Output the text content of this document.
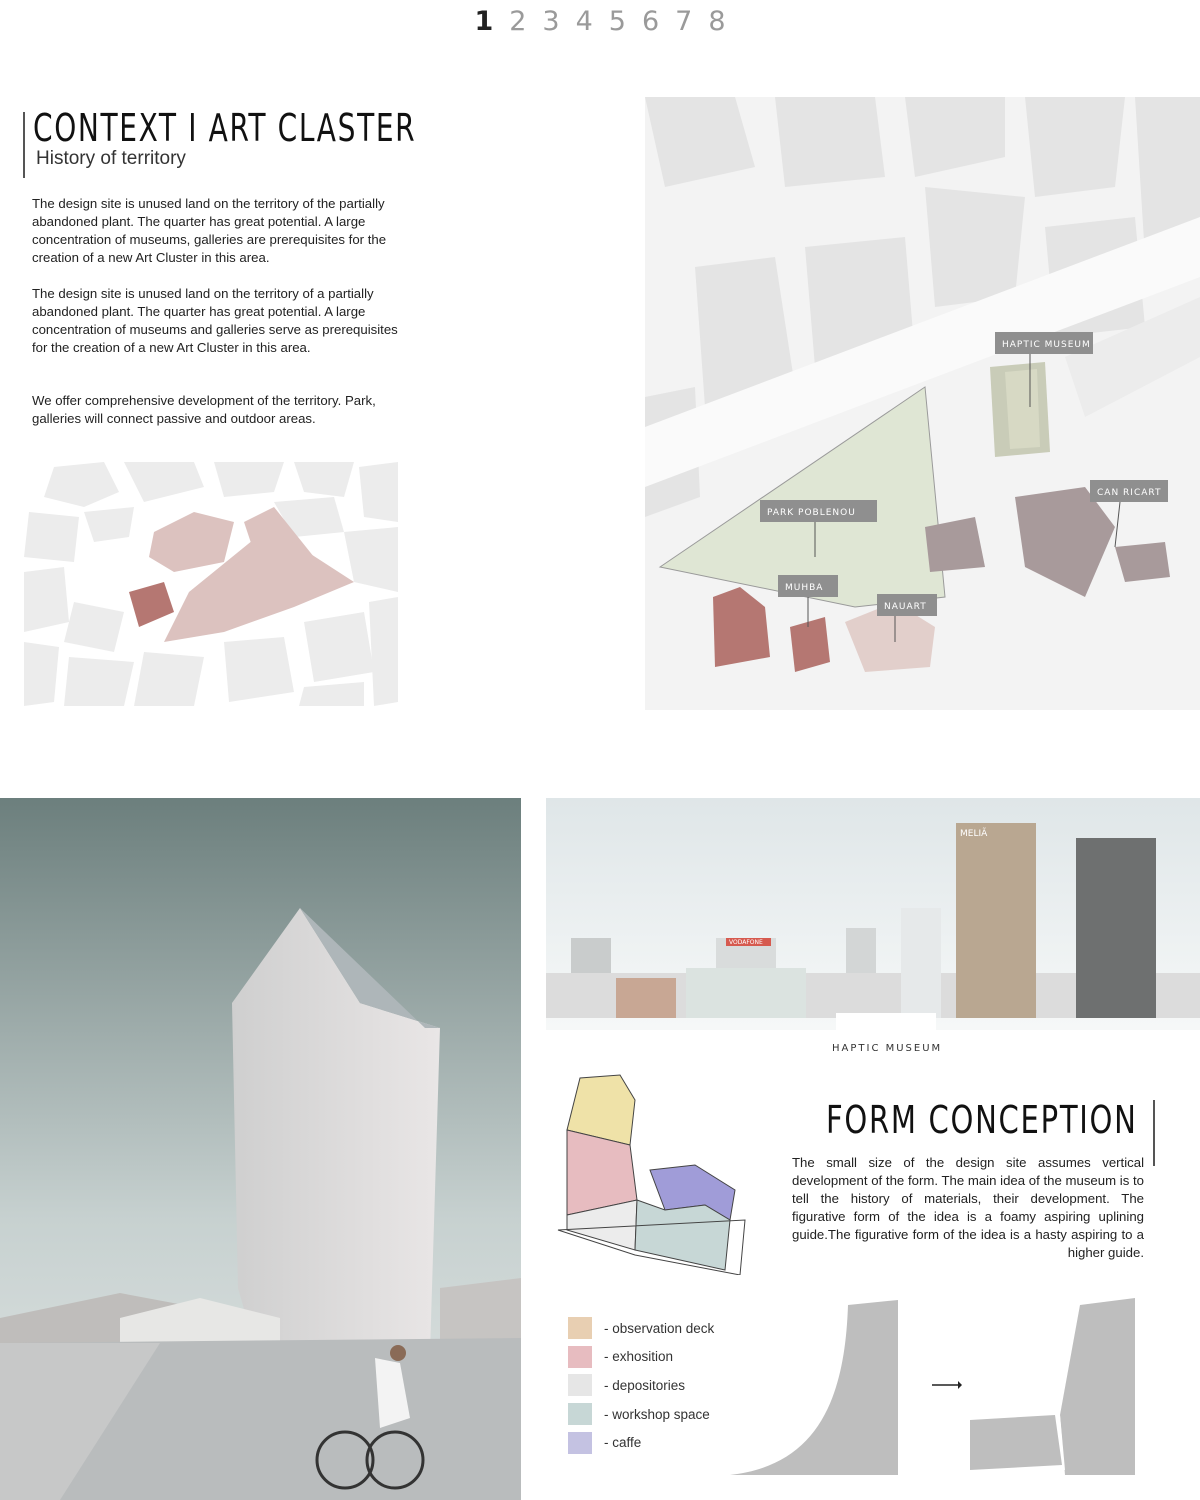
1 2 3 4 5 6 7 8
CONTEXT I ART CLASTER
History of territory
The design site is unused land on the territory of the partially abandoned plant. The quarter has great potential. A large concentration of museums, galleries are prerequisites for the creation of a new Art Cluster in this area.
The design site is unused land on the territory of a partially abandoned plant. The quarter has great potential. A large concentration of museums and galleries serve as prerequisites for the creation of a new Art Cluster in this area.
We offer comprehensive development of the territory. Park, galleries will connect passive and outdoor areas.
HAPTIC MUSEUM
PARK POBLENOU
CAN RICART
MUHBA
NAUART
MELIÃ
VODAFONE
HAPTIC MUSEUM
FORM CONCEPTION
The small size of the design site assumes vertical development of the form. The main idea of the museum is to tell the history of materials, their development. The figurative form of the idea is a foamy aspiring uplining guide.The figurative form of the idea is a hasty aspiring to a higher guide.
- observation deck
- exhosition
- depositories
- workshop space
- caffe
